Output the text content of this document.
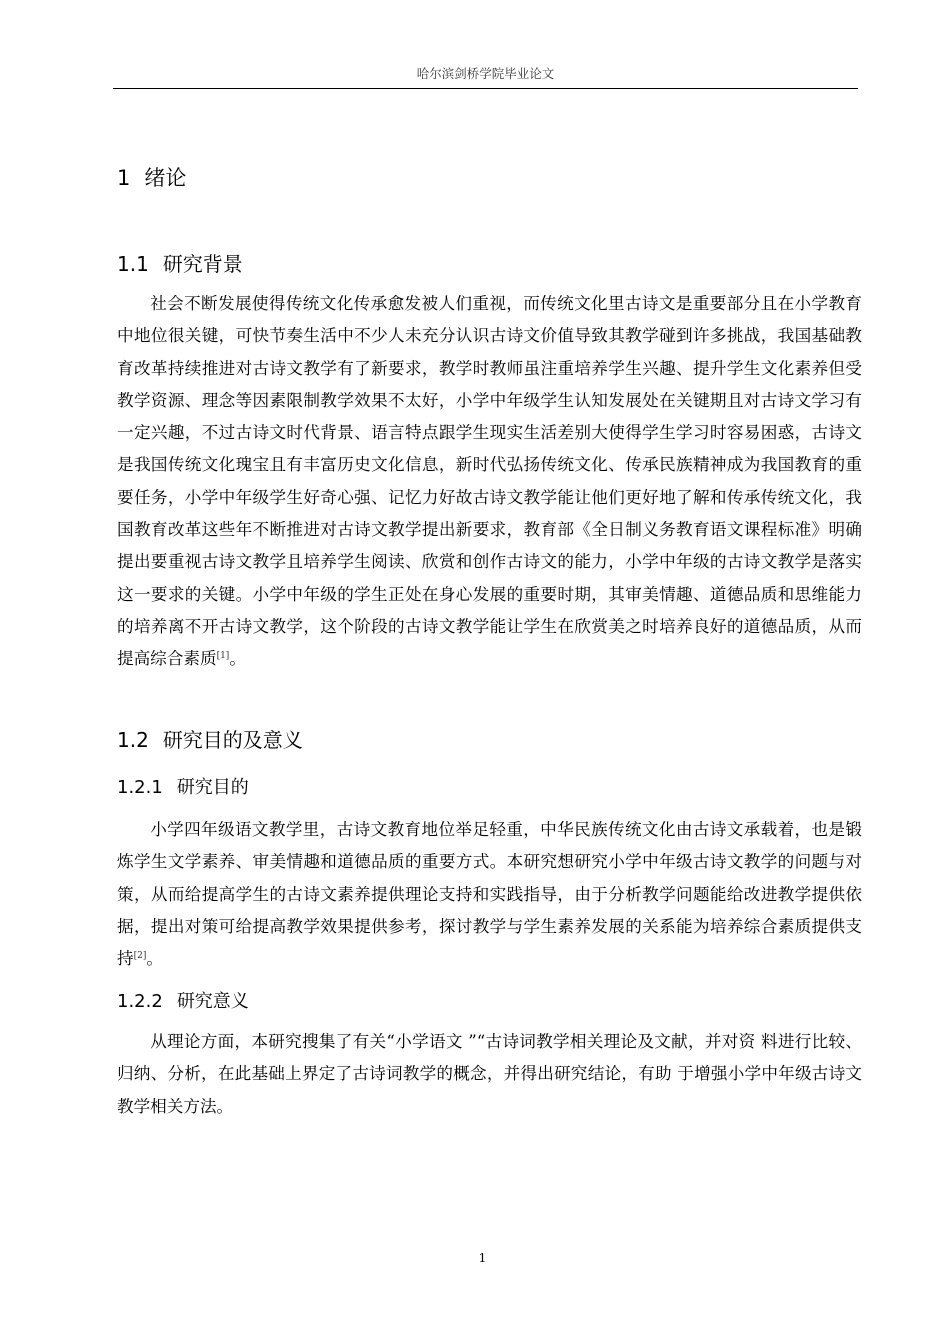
哈尔滨剑桥学院毕业论文
1 绪论
1.1 研究背景
社会不断发展使得传统文化传承愈发被人们重视，而传统文化里古诗文是重要部分且在小学教育中地位很关键，可快节奏生活中不少人未充分认识古诗文价值导致其教学碰到许多挑战，我国基础教育改革持续推进对古诗文教学有了新要求，教学时教师虽注重培养学生兴趣、提升学生文化素养但受教学资源、理念等因素限制教学效果不太好，小学中年级学生认知发展处在关键期且对古诗文学习有一定兴趣，不过古诗文时代背景、语言特点跟学生现实生活差别大使得学生学习时容易困惑，古诗文是我国传统文化瑰宝且有丰富历史文化信息，新时代弘扬传统文化、传承民族精神成为我国教育的重要任务，小学中年级学生好奇心强、记忆力好故古诗文教学能让他们更好地了解和传承传统文化，我国教育改革这些年不断推进对古诗文教学提出新要求，教育部《全日制义务教育语文课程标准》明确提出要重视古诗文教学且培养学生阅读、欣赏和创作古诗文的能力，小学中年级的古诗文教学是落实这一要求的关键。小学中年级的学生正处在身心发展的重要时期，其审美情趣、道德品质和思维能力的培养离不开古诗文教学，这个阶段的古诗文教学能让学生在欣赏美之时培养良好的道德品质，从而提高综合素质[1]。
1.2 研究目的及意义
1.2.1 研究目的
小学四年级语文教学里，古诗文教育地位举足轻重，中华民族传统文化由古诗文承载着，也是锻炼学生文学素养、审美情趣和道德品质的重要方式。本研究想研究小学中年级古诗文教学的问题与对策，从而给提高学生的古诗文素养提供理论支持和实践指导，由于分析教学问题能给改进教学提供依据，提出对策可给提高教学效果提供参考，探讨教学与学生素养发展的关系能为培养综合素质提供支持[2]。
1.2.2 研究意义
从理论方面，本研究搜集了有关“小学语文 ”“古诗词教学相关理论及文献，并对资 料进行比较、归纳、分析，在此基础上界定了古诗词教学的概念，并得出研究结论，有助 于增强小学中年级古诗文教学相关方法。
1
